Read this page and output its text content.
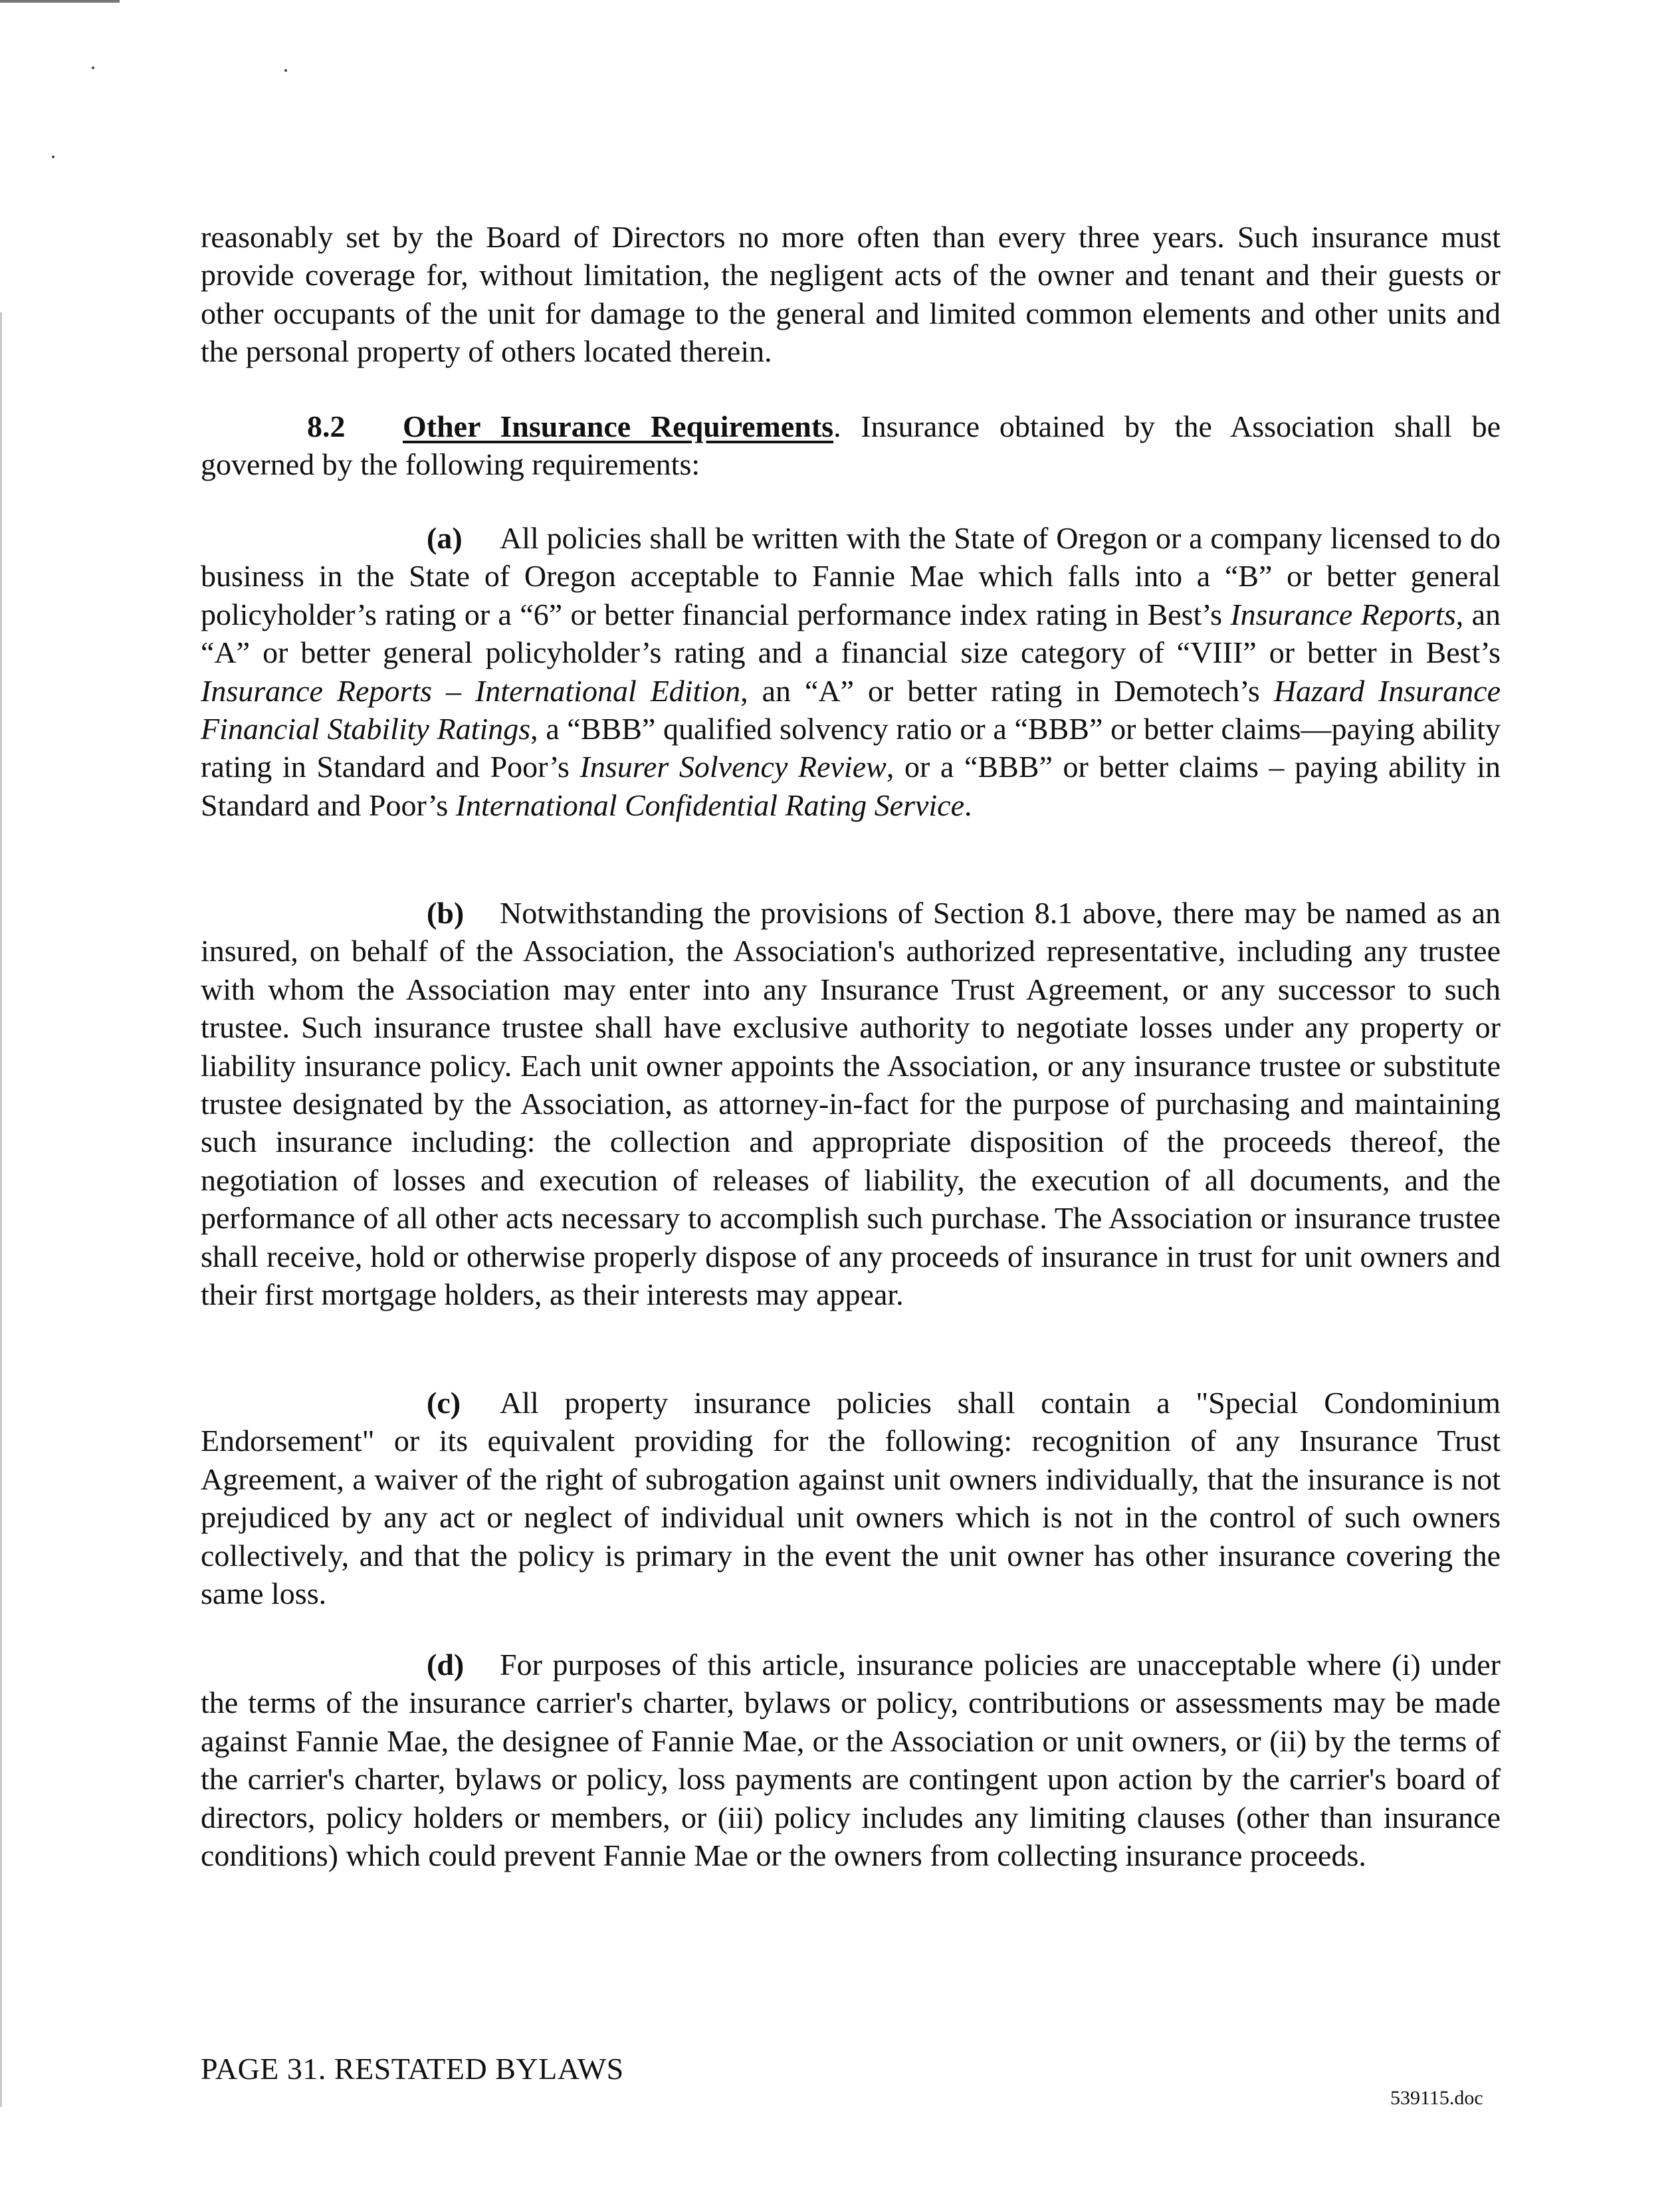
reasonably set by the Board of Directors no more often than every three years. Such insurance must provide coverage for, without limitation, the negligent acts of the owner and tenant and their guests or other occupants of the unit for damage to the general and limited common elements and other units and the personal property of others located therein.

8.2 Other Insurance Requirements. Insurance obtained by the Association shall be governed by the following requirements:

(a) All policies shall be written with the State of Oregon or a company licensed to do business in the State of Oregon acceptable to Fannie Mae which falls into a “B” or better general policyholder’s rating or a “6” or better financial performance index rating in Best’s Insurance Reports, an “A” or better general policyholder’s rating and a financial size category of “VIII” or better in Best’s Insurance Reports – International Edition, an “A” or better rating in Demotech’s Hazard Insurance Financial Stability Ratings, a “BBB” qualified solvency ratio or a “BBB” or better claims—paying ability rating in Standard and Poor’s Insurer Solvency Review, or a “BBB” or better claims – paying ability in Standard and Poor’s International Confidential Rating Service.

(b) Notwithstanding the provisions of Section 8.1 above, there may be named as an insured, on behalf of the Association, the Association's authorized representative, including any trustee with whom the Association may enter into any Insurance Trust Agreement, or any successor to such trustee. Such insurance trustee shall have exclusive authority to negotiate losses under any property or liability insurance policy. Each unit owner appoints the Association, or any insurance trustee or substitute trustee designated by the Association, as attorney-in-fact for the purpose of purchasing and maintaining such insurance including: the collection and appropriate disposition of the proceeds thereof, the negotiation of losses and execution of releases of liability, the execution of all documents, and the performance of all other acts necessary to accomplish such purchase. The Association or insurance trustee shall receive, hold or otherwise properly dispose of any proceeds of insurance in trust for unit owners and their first mortgage holders, as their interests may appear.

(c) All property insurance policies shall contain a "Special Condominium Endorsement" or its equivalent providing for the following: recognition of any Insurance Trust Agreement, a waiver of the right of subrogation against unit owners individually, that the insurance is not prejudiced by any act or neglect of individual unit owners which is not in the control of such owners collectively, and that the policy is primary in the event the unit owner has other insurance covering the same loss.

(d) For purposes of this article, insurance policies are unacceptable where (i) under the terms of the insurance carrier's charter, bylaws or policy, contributions or assessments may be made against Fannie Mae, the designee of Fannie Mae, or the Association or unit owners, or (ii) by the terms of the carrier's charter, bylaws or policy, loss payments are contingent upon action by the carrier's board of directors, policy holders or members, or (iii) policy includes any limiting clauses (other than insurance conditions) which could prevent Fannie Mae or the owners from collecting insurance proceeds.

PAGE 31. RESTATED BYLAWS
539115.doc
